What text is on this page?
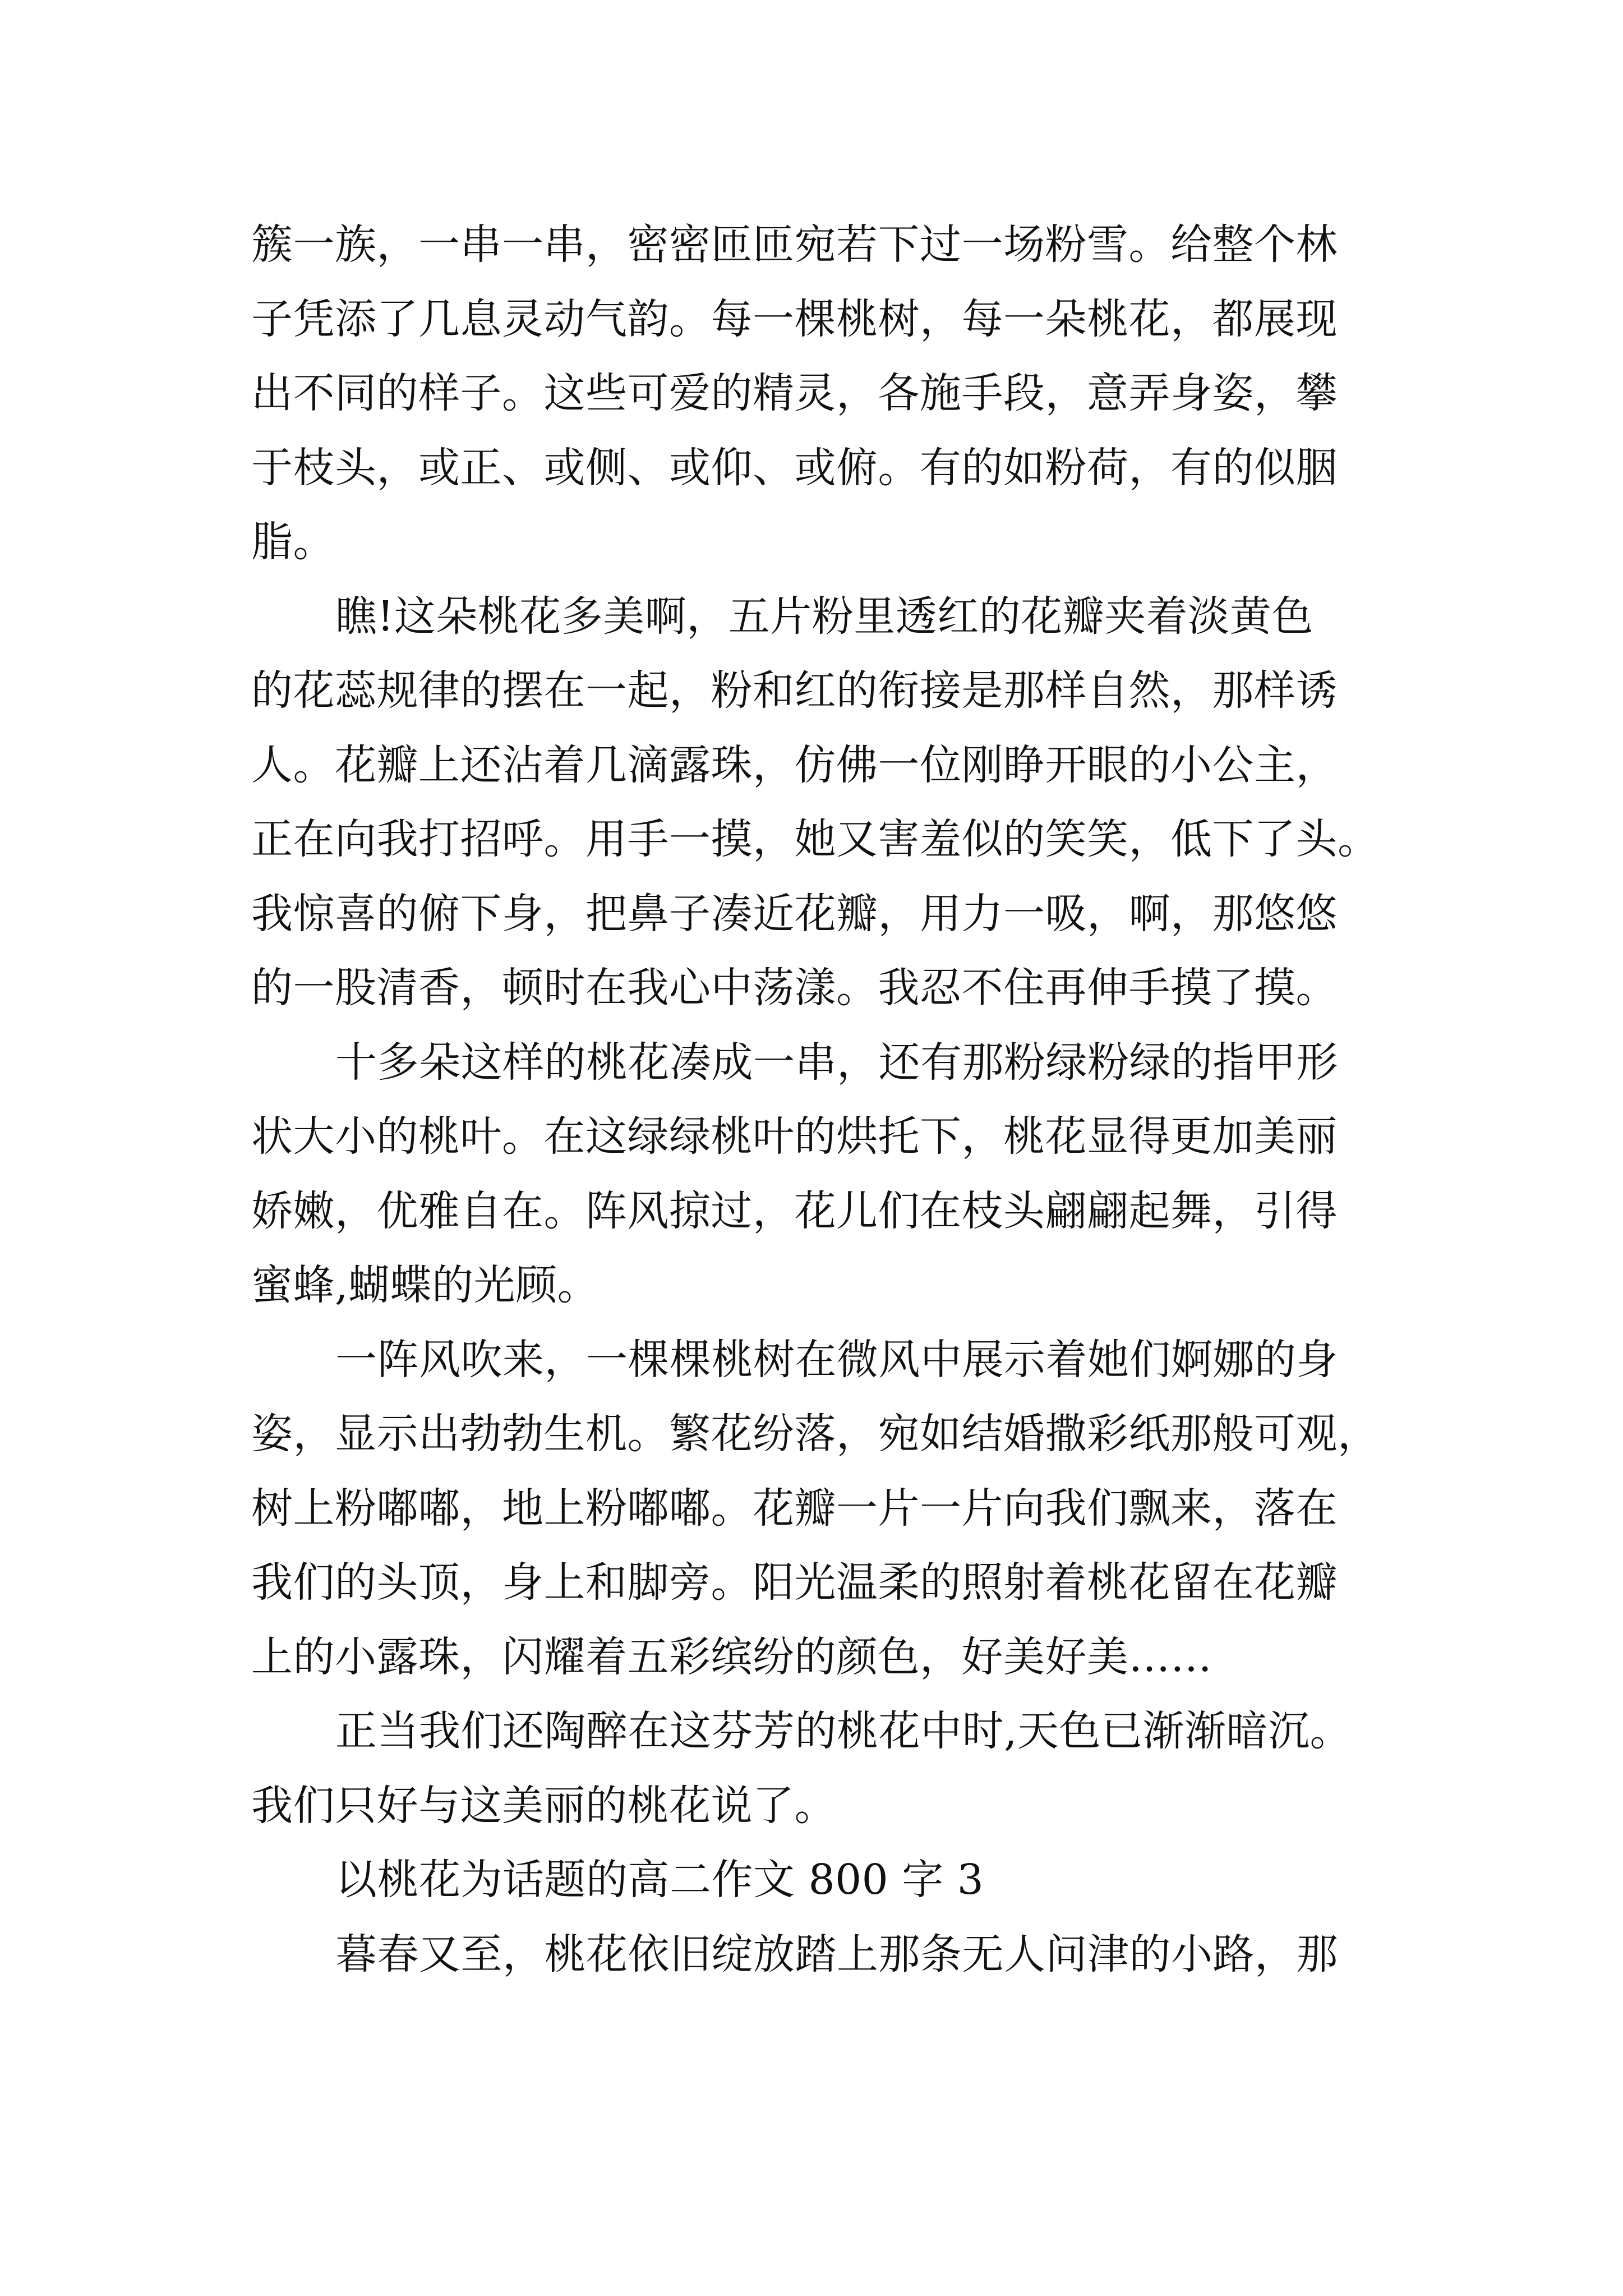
簇一族，一串一串，密密匝匝宛若下过一场粉雪。给整个林
子凭添了几息灵动气韵。每一棵桃树，每一朵桃花，都展现
出不同的样子。这些可爱的精灵，各施手段，意弄身姿，攀
于枝头，或正、或侧、或仰、或俯。有的如粉荷，有的似胭
脂。
瞧!这朵桃花多美啊，五片粉里透红的花瓣夹着淡黄色
的花蕊规律的摆在一起，粉和红的衔接是那样自然，那样诱
人。花瓣上还沾着几滴露珠，仿佛一位刚睁开眼的小公主，
正在向我打招呼。用手一摸，她又害羞似的笑笑，低下了头。
我惊喜的俯下身，把鼻子凑近花瓣，用力一吸，啊，那悠悠
的一股清香，顿时在我心中荡漾。我忍不住再伸手摸了摸。
十多朵这样的桃花凑成一串，还有那粉绿粉绿的指甲形
状大小的桃叶。在这绿绿桃叶的烘托下，桃花显得更加美丽
娇嫩，优雅自在。阵风掠过，花儿们在枝头翩翩起舞，引得
蜜蜂,蝴蝶的光顾。
一阵风吹来，一棵棵桃树在微风中展示着她们婀娜的身
姿，显示出勃勃生机。繁花纷落，宛如结婚撒彩纸那般可观，
树上粉嘟嘟，地上粉嘟嘟。花瓣一片一片向我们飘来，落在
我们的头顶，身上和脚旁。阳光温柔的照射着桃花留在花瓣
上的小露珠，闪耀着五彩缤纷的颜色，好美好美……
正当我们还陶醉在这芬芳的桃花中时,天色已渐渐暗沉。
我们只好与这美丽的桃花说了。
以桃花为话题的高二作文 800 字 3
暮春又至，桃花依旧绽放踏上那条无人问津的小路，那
